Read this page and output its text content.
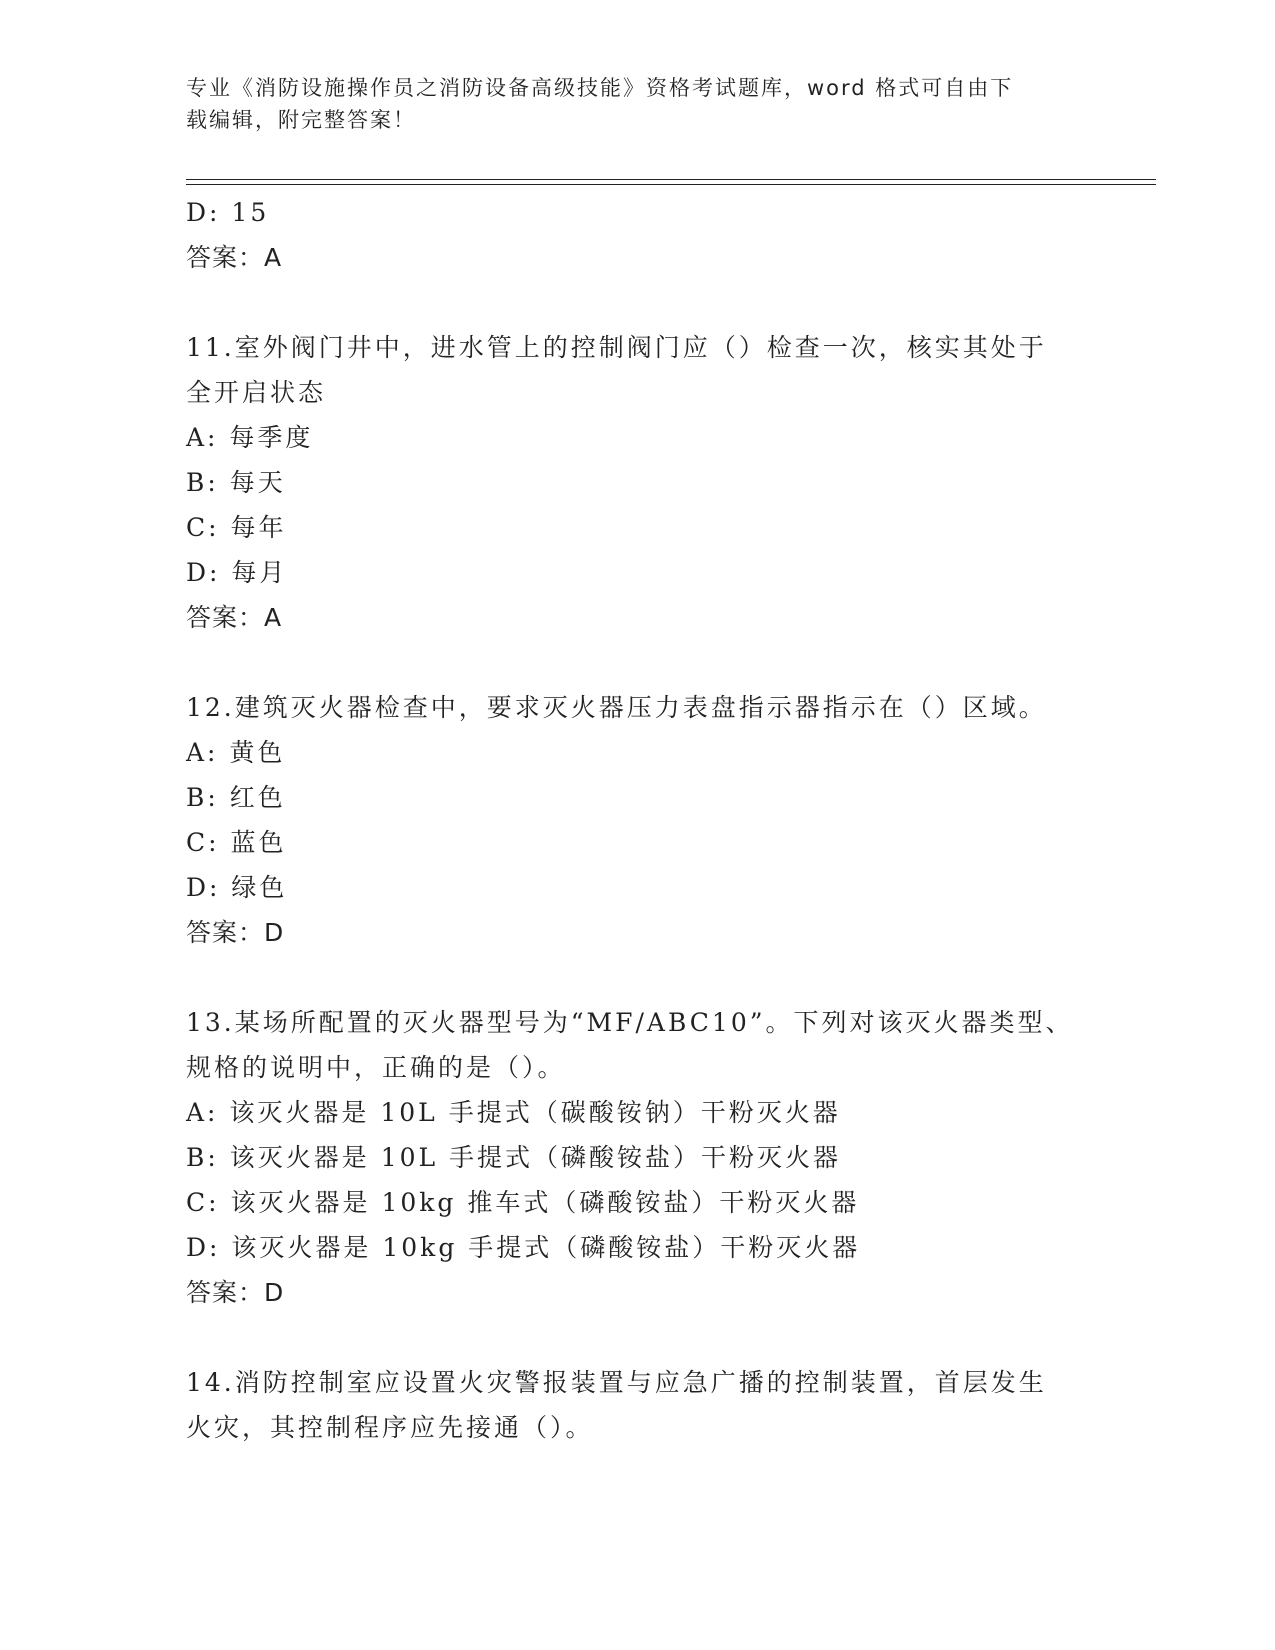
专业《消防设施操作员之消防设备高级技能》资格考试题库，word 格式可自由下
载编辑，附完整答案！
D: 15
答案：A
11.室外阀门井中，进水管上的控制阀门应（）检查一次，核实其处于
全开启状态
A: 每季度
B: 每天
C: 每年
D: 每月
答案：A
12.建筑灭火器检查中，要求灭火器压力表盘指示器指示在（）区域。
A: 黄色
B: 红色
C: 蓝色
D: 绿色
答案：D
13.某场所配置的灭火器型号为“MF/ABC10”。下列对该灭火器类型、
规格的说明中，正确的是（）。
A: 该灭火器是 10L 手提式（碳酸铵钠）干粉灭火器
B: 该灭火器是 10L 手提式（磷酸铵盐）干粉灭火器
C: 该灭火器是 10kg 推车式（磷酸铵盐）干粉灭火器
D: 该灭火器是 10kg 手提式（磷酸铵盐）干粉灭火器
答案：D
14.消防控制室应设置火灾警报装置与应急广播的控制装置，首层发生
火灾，其控制程序应先接通（）。
